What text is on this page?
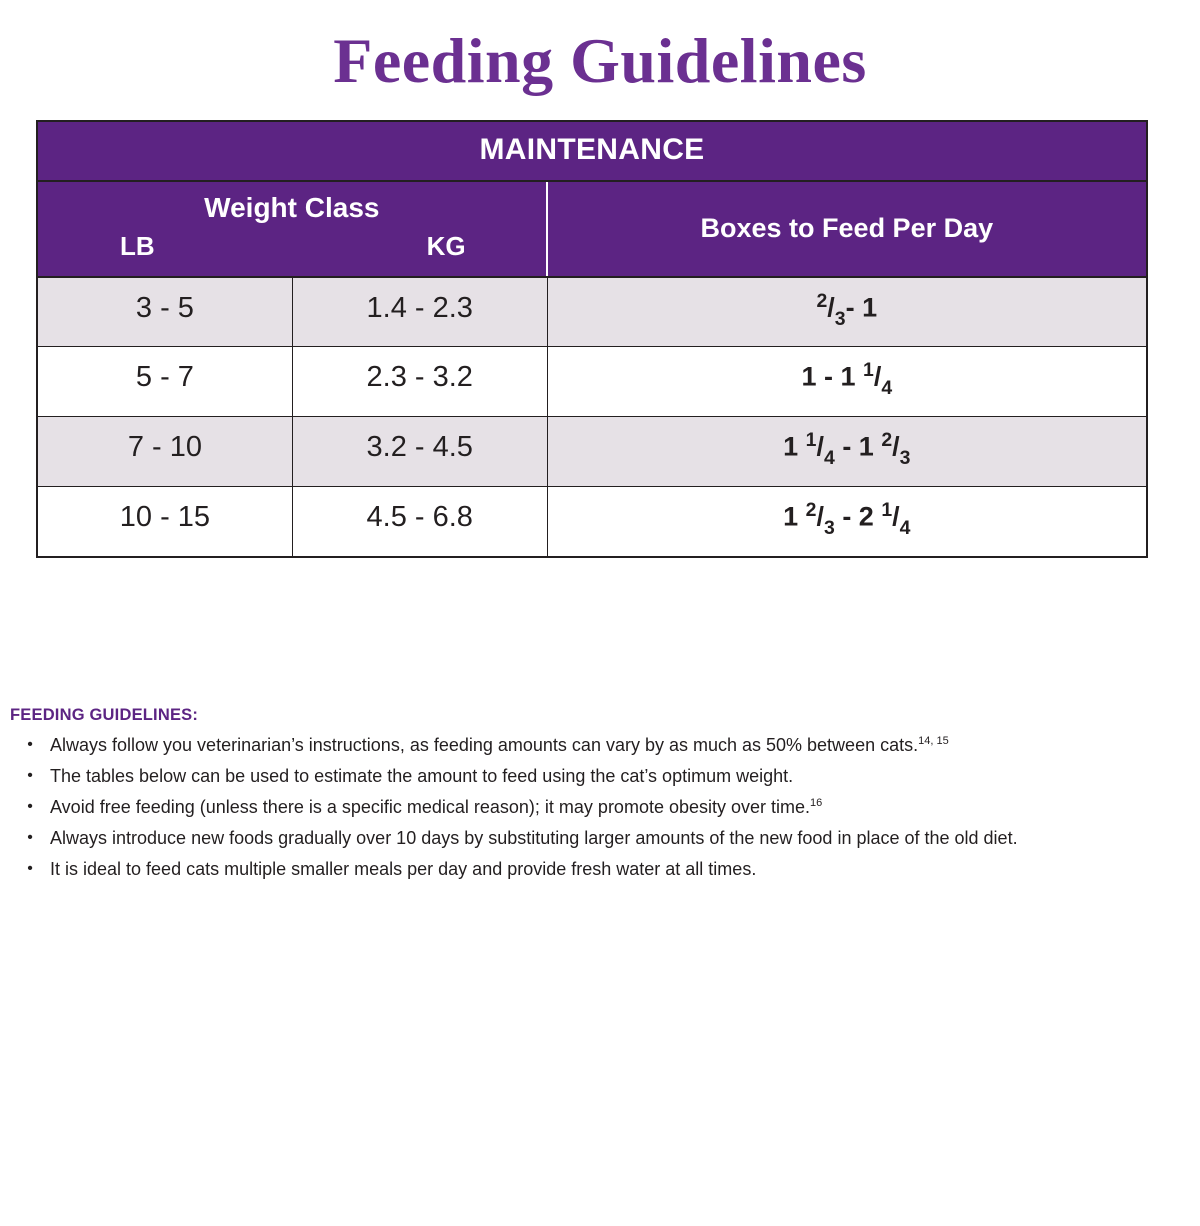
Feeding Guidelines
MAINTENANCE
Weight Class
LB	KG
Boxes to Feed Per Day
3 - 5	1.4 - 2.3	$^2/_3-$ 1
5 - 7	2.3 - 3.2	1 - 1 $^1/_4$
7 - 10	3.2 - 4.5	1 $^1/_4 - 1$ $^2/_3$
10 - 15	4.5 - 6.8	1 $^2/_3 - 2$ $^1/_4$
FEEDING GUIDELINES:
• Always follow you veterinarian’s instructions, as feeding amounts can vary by as much as 50% between cats.$^{14, 15}$
• The tables below can be used to estimate the amount to feed using the cat’s optimum weight.
• Avoid free feeding (unless there is a specific medical reason); it may promote obesity over time.$^{16}$
• Always introduce new foods gradually over 10 days by substituting larger amounts of the new food in place of the old diet.
• It is ideal to feed cats multiple smaller meals per day and provide fresh water at all times.
